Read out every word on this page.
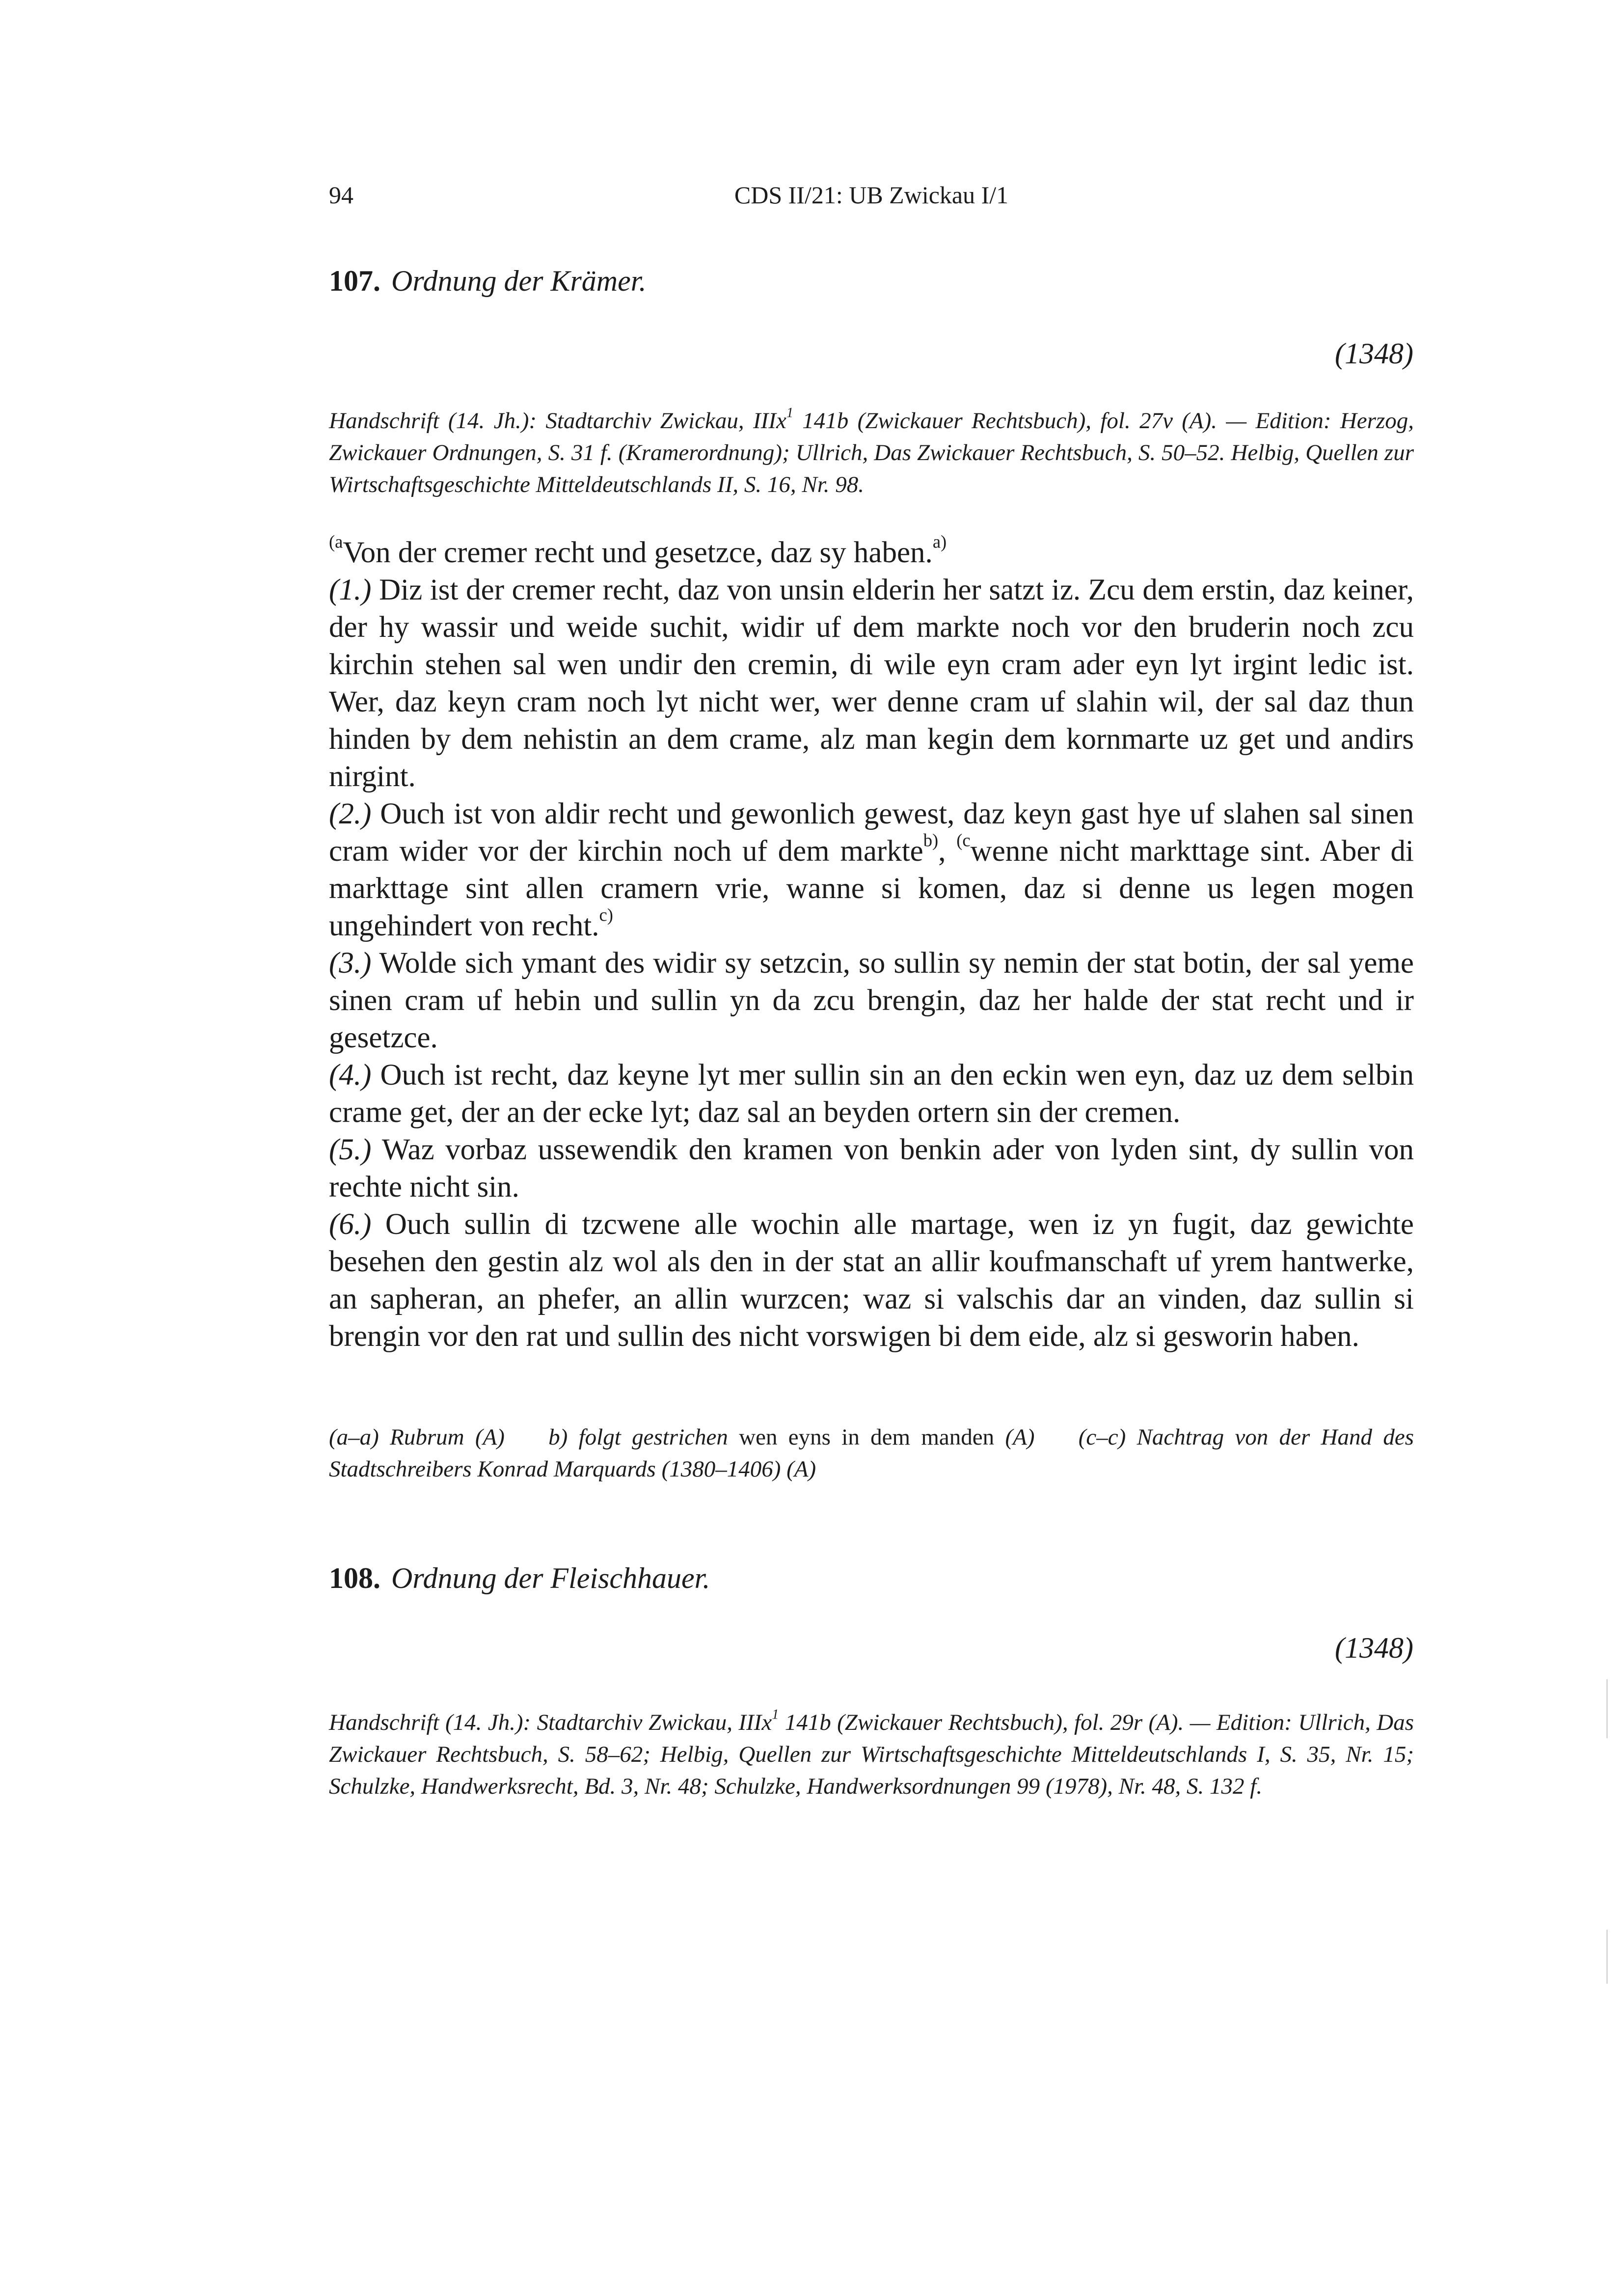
94	CDS II/21: UB Zwickau I/1
107. Ordnung der Krämer.
(1348)
Handschrift (14. Jh.): Stadtarchiv Zwickau, IIIx$^1$ 141b (Zwickauer Rechtsbuch), fol. 27v (A). — Edition: Herzog, Zwickauer Ordnungen, S. 31 f. (Kramerordnung); Ullrich, Das Zwickauer Rechtsbuch, S. 50–52. Helbig, Quellen zur Wirtschaftsgeschichte Mitteldeutschlands II, S. 16, Nr. 98.

$^{(a}$Von der cremer recht und gesetzce, daz sy haben.$^{a)}$

(1.) Diz ist der cremer recht, daz von unsin elderin her satzt iz. Zcu dem erstin, daz keiner, der hy wassir und weide suchit, widir uf dem markte noch vor den bruderin noch zcu kirchin stehen sal wen undir den cremin, di wile eyn cram ader eyn lyt irgint ledic ist. Wer, daz keyn cram noch lyt nicht wer, wer denne cram uf slahin wil, der sal daz thun hinden by dem nehistin an dem crame, alz man kegin dem kornmarte uz get und andirs nirgint.

(2.) Ouch ist von aldir recht und gewonlich gewest, daz keyn gast hye uf slahen sal sinen cram wider vor der kirchin noch uf dem markte$^{b)}$, $^{(c}$wenne nicht markttage sint. Aber di markttage sint allen cramern vrie, wanne si komen, daz si denne us legen mogen ungehindert von recht.$^{c)}$

(3.) Wolde sich ymant des widir sy setzcin, so sullin sy nemin der stat botin, der sal yeme sinen cram uf hebin und sullin yn da zcu brengin, daz her halde der stat recht und ir gesetzce.

(4.) Ouch ist recht, daz keyne lyt mer sullin sin an den eckin wen eyn, daz uz dem selbin crame get, der an der ecke lyt; daz sal an beyden ortern sin der cremen.

(5.) Waz vorbaz ussewendik den kramen von benkin ader von lyden sint, dy sullin von rechte nicht sin.

(6.) Ouch sullin di tzcwene alle wochin alle martage, wen iz yn fugit, daz gewichte besehen den gestin alz wol als den in der stat an allir koufmanschaft uf yrem hantwerke, an sapheran, an phefer, an allin wurzcen; waz si valschis dar an vinden, daz sullin si brengin vor den rat und sullin des nicht vorswigen bi dem eide, alz si gesworin haben.

(a–a) Rubrum (A) b) folgt gestrichen wen eyns in dem manden (A) (c–c) Nachtrag von der Hand des Stadtschreibers Konrad Marquards (1380–1406) (A)
108. Ordnung der Fleischhauer.
(1348)
Handschrift (14. Jh.): Stadtarchiv Zwickau, IIIx$^1$ 141b (Zwickauer Rechtsbuch), fol. 29r (A). — Edition: Ullrich, Das Zwickauer Rechtsbuch, S. 58–62; Helbig, Quellen zur Wirtschaftsgeschichte Mitteldeutschlands I, S. 35, Nr. 15; Schulzke, Handwerksrecht, Bd. 3, Nr. 48; Schulzke, Handwerksordnungen 99 (1978), Nr. 48, S. 132 f.
